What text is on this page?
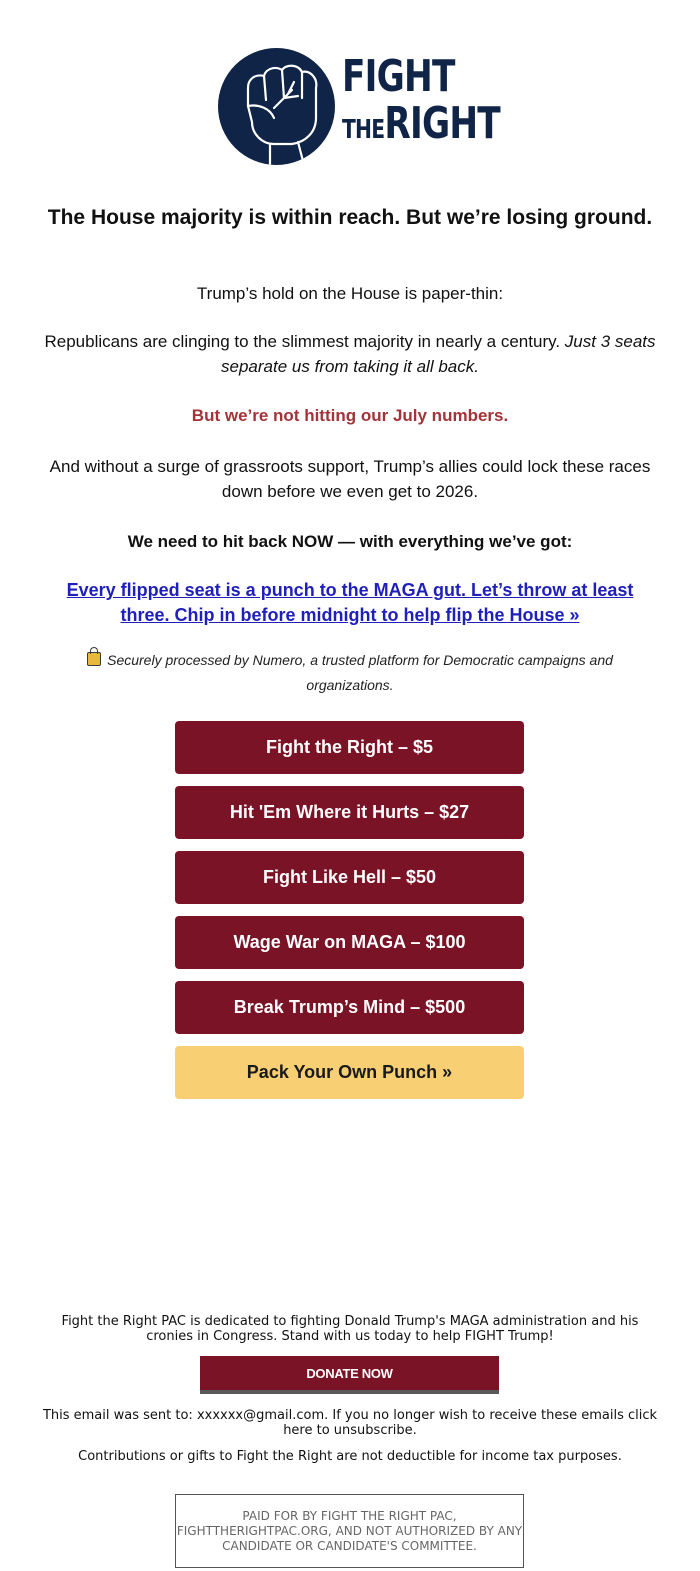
FIGHT
THERIGHT
The House majority is within reach. But we’re losing ground.
Trump’s hold on the House is paper-thin:
Republicans are clinging to the slimmest majority in nearly a century. Just 3 seats separate us from taking it all back.
But we’re not hitting our July numbers.
And without a surge of grassroots support, Trump’s allies could lock these races down before we even get to 2026.
We need to hit back NOW — with everything we’ve got:
Every flipped seat is a punch to the MAGA gut. Let’s throw at least three. Chip in before midnight to help flip the House »
Securely processed by Numero, a trusted platform for Democratic campaigns and organizations.
Fight the Right – $5
Hit 'Em Where it Hurts – $27
Fight Like Hell – $50
Wage War on MAGA – $100
Break Trump’s Mind – $500
Pack Your Own Punch »
Fight the Right PAC is dedicated to fighting Donald Trump's MAGA administration and his cronies in Congress. Stand with us today to help FIGHT Trump!
DONATE NOW
This email was sent to: xxxxxx@gmail.com. If you no longer wish to receive these emails click here to unsubscribe.
Contributions or gifts to Fight the Right are not deductible for income tax purposes.
PAID FOR BY FIGHT THE RIGHT PAC, FIGHTTHERIGHTPAC.ORG, AND NOT AUTHORIZED BY ANY CANDIDATE OR CANDIDATE'S COMMITTEE.
